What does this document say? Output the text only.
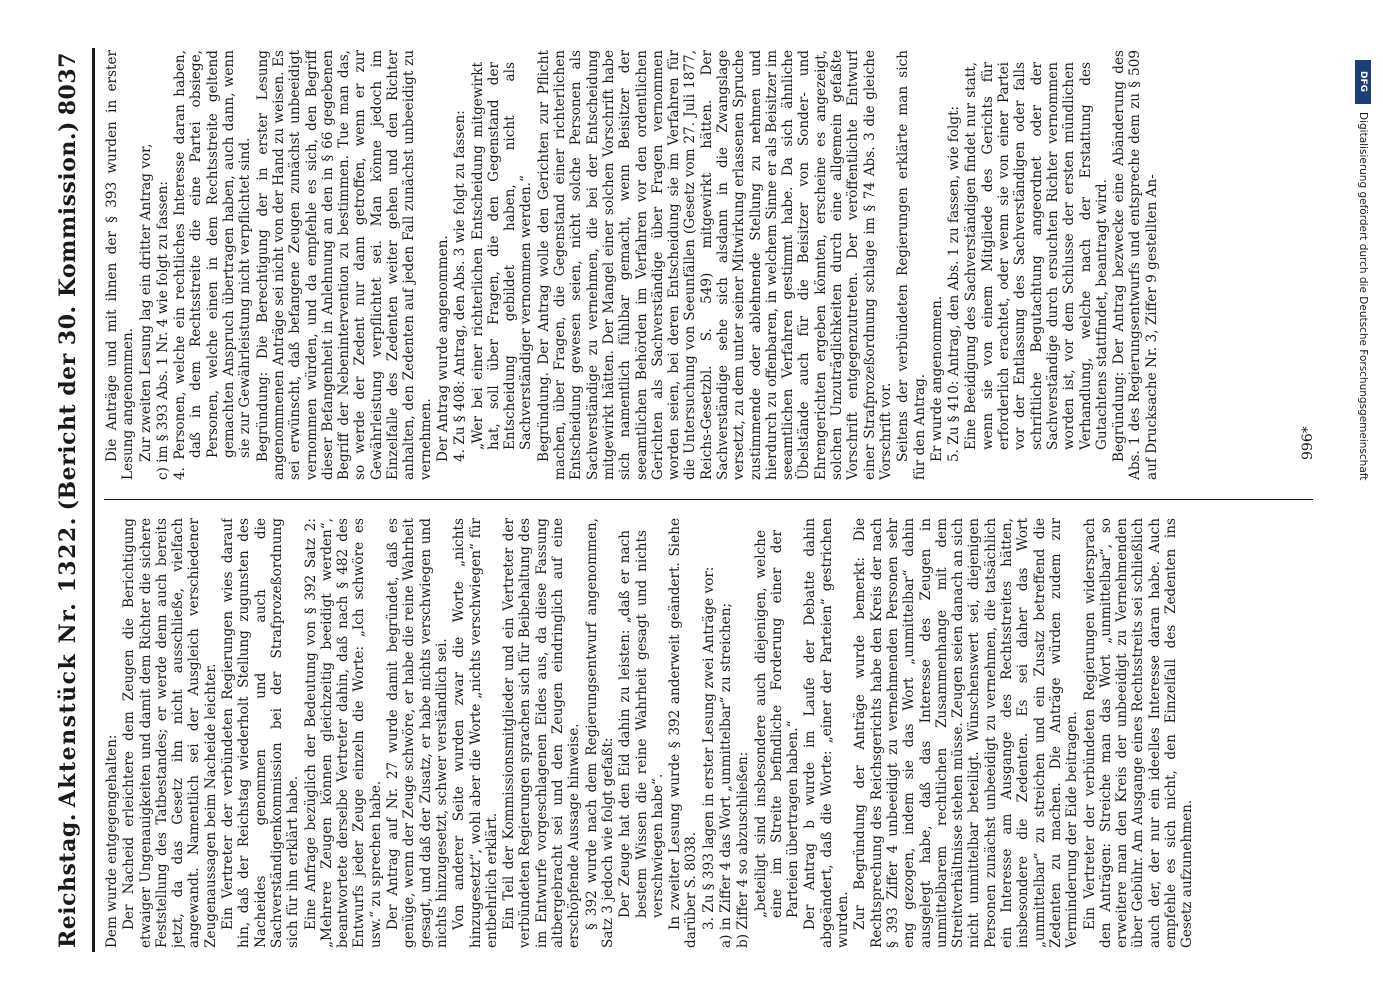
Reichstag.
Aktenstück Nr. 1322.
(Bericht der 30. Kommission.)
8037

Dem wurde entgegengehalten: Der Nacheid erleichtere dem Zeugen die Berichtigung etwaiger Ungenauigkeiten und damit dem Richter die sichere Feststellung des Tatbestandes; er werde denn auch bereits jetzt, da das Gesetz ihn nicht ausschließe, vielfach angewandt. Namentlich sei der Ausgleich verschiedener Zeugenaussagen beim Nacheide leichter. Ein Vertreter der verbündeten Regierungen wies darauf hin, daß der Reichstag wiederholt Stellung zugunsten des Nacheides genommen und auch die Sachverständigenkommission bei der Strafprozeßordnung sich für ihn erklärt habe. Eine Anfrage bezüglich der Bedeutung von § 392 Satz 2: „Mehrere Zeugen können gleichzeitig beeidigt werden“, beantwortete derselbe Vertreter dahin, daß nach § 482 des Entwurfs jeder Zeuge einzeln die Worte: „Ich schwöre es usw.“ zu sprechen habe. Der Antrag auf Nr. 27 wurde damit begründet, daß es genüge, wenn der Zeuge schwöre, er habe die reine Wahrheit gesagt, und daß der Zusatz, er habe nichts verschwiegen und nichts hinzugesetzt, schwer verständlich sei. Von anderer Seite wurden zwar die Worte „nichts hinzugesetzt“, wohl aber die Worte „nichts verschwiegen“ für entbehrlich erklärt. Ein Teil der Kommissionsmitglieder und ein Vertreter der verbündeten Regierungen sprachen sich für Beibehaltung des im Entwurfe vorgeschlagenen Eides aus, da diese Fassung altbergebracht sei und den Zeugen eindringlich auf eine erschöpfende Aussage hinweise. § 392 wurde nach dem Regierungsentwurf angenommen, Satz 3 jedoch wie folgt gefaßt: Der Zeuge hat den Eid dahin zu leisten: „daß er nach bestem Wissen die reine Wahrheit gesagt und nichts verschwiegen habe“. In zweiter Lesung wurde § 392 anderweit geändert. Siehe darüber S. 8038. 3. Zu § 393 lagen in erster Lesung zwei Anträge vor: a) in Ziffer 4 das Wort „unmittelbar“ zu streichen; b) Ziffer 4 so abzuschließen: „beteiligt sind insbesondere auch diejenigen, welche eine im Streite befindliche Forderung einer der Parteien übertragen haben.“ Der Antrag b wurde im Laufe der Debatte dahin abgeändert, daß die Worte: „einer der Parteien“ gestrichen wurden. Zur Begründung der Anträge wurde bemerkt: Die Rechtsprechung des Reichsgerichts habe den Kreis der nach § 393 Ziffer 4 unbeeidigt zu vernehmenden Personen sehr eng gezogen, indem sie das Wort „unmittelbar“ dahin ausgelegt habe, daß das Interesse des Zeugen in unmittelbarem rechtlichen Zusammenhange mit dem Streitverhältnisse stehen müsse. Zeugen seien danach an sich nicht unmittelbar beteiligt. Wünschenswert sei, diejenigen Personen zunächst unbeeidigt zu vernehmen, die tatsächlich ein Interesse am Ausgange des Rechtsstreites hätten, insbesondere die Zedenten. Es sei daher das Wort „unmittelbar“ zu streichen und ein Zusatz betreffend die Zedenten zu machen. Die Anträge würden zudem zur Verminderung der Eide beitragen. Ein Vertreter der verbündeten Regierungen widersprach den Anträgen: Streiche man das Wort „unmittelbar“, so erweitere man den Kreis der unbeeidigt zu Vernehmenden über Gebühr. Am Ausgange eines Rechtsstreits sei schließlich auch der, der nur ein ideelles Interesse daran habe. Auch empfehle es sich nicht, den Einzelfall des Zedenten ins Gesetz aufzunehmen.

Die Anträge und mit ihnen der § 393 wurden in erster Lesung angenommen. Zur zweiten Lesung lag ein dritter Antrag vor, c) im § 393 Abs. 1 Nr. 4 wie folgt zu fassen: 4. Personen, welche ein rechtliches Interesse daran haben, daß in dem Rechtsstreite die eine Partei obsiege, Personen, welche einen in dem Rechtsstreite geltend gemachten Anspruch übertragen haben, auch dann, wenn sie zur Gewährleistung nicht verpflichtet sind. Begründung: Die Berechtigung der in erster Lesung angenommenen Anträge sei nicht von der Hand zu weisen. Es sei erwünscht, daß befangene Zeugen zunächst unbeeidigt vernommen würden, und da empfehle es sich, den Begriff dieser Befangenheit in Anlehnung an den in § 66 gegebenen Begriff der Nebenintervention zu bestimmen. Tue man das, so werde der Zedent nur dann getroffen, wenn er zur Gewährleistung verpflichtet sei. Man könne jedoch im Einzelfalle des Zedenten weiter gehen und den Richter anhalten, den Zedenten auf jeden Fall zunächst unbeeidigt zu vernehmen. Der Antrag wurde angenommen. 4. Zu § 408: Antrag, den Abs. 3 wie folgt zu fassen: „Wer bei einer richterlichen Entscheidung mitgewirkt hat, soll über Fragen, die den Gegenstand der Entscheidung gebildet haben, nicht als Sachverständiger vernommen werden.“ Begründung. Der Antrag wolle den Gerichten zur Pflicht machen, über Fragen, die Gegenstand einer richterlichen Entscheidung gewesen seien, nicht solche Personen als Sachverständige zu vernehmen, die bei der Entscheidung mitgewirkt hätten. Der Mangel einer solchen Vorschrift habe sich namentlich fühlbar gemacht, wenn Beisitzer der seeamtlichen Behörden im Verfahren vor den ordentlichen Gerichten als Sachverständige über Fragen vernommen worden seien, bei deren Entscheidung sie im Verfahren für die Untersuchung von Seeunfällen (Gesetz vom 27. Juli 1877, Reichs-Gesetzbl. S. 549) mitgewirkt hätten. Der Sachverständige sehe sich alsdann in die Zwangslage versetzt, zu dem unter seiner Mitwirkung erlassenen Spruche zustimmende oder ablehnende Stellung zu nehmen und hierdurch zu offenbaren, in welchem Sinne er als Beisitzer im seeamtlichen Verfahren gestimmt habe. Da sich ähnliche Übelstände auch für die Beisitzer von Sonder- und Ehrengerichten ergeben könnten, erscheine es angezeigt, solchen Unzuträglichkeiten durch eine allgemein gefaßte Vorschrift entgegenzutreten. Der veröffentlichte Entwurf einer Strafprozeßordnung schlage im § 74 Abs. 3 die gleiche Vorschrift vor. Seitens der verbündeten Regierungen erklärte man sich für den Antrag. Er wurde angenommen. 5. Zu § 410: Antrag, den Abs. 1 zu fassen, wie folgt: Eine Beeidigung des Sachverständigen findet nur statt, wenn sie von einem Mitgliede des Gerichts für erforderlich erachtet, oder wenn sie von einer Partei vor der Entlassung des Sachverständigen oder falls schriftliche Begutachtung angeordnet oder der Sachverständige durch ersuchten Richter vernommen worden ist, vor dem Schlusse der ersten mündlichen Verhandlung, welche nach der Erstattung des Gutachtens stattfindet, beantragt wird. Begründung: Der Antrag bezwecke eine Abänderung des Abs. 1 des Regierungsentwurfs und entspreche dem zu § 509 auf Drucksache Nr. 3, Ziffer 9 gestellten An-	996*
DFG
Digitalisierung gefördert durch die Deutsche Forschungsgemeinschaft
